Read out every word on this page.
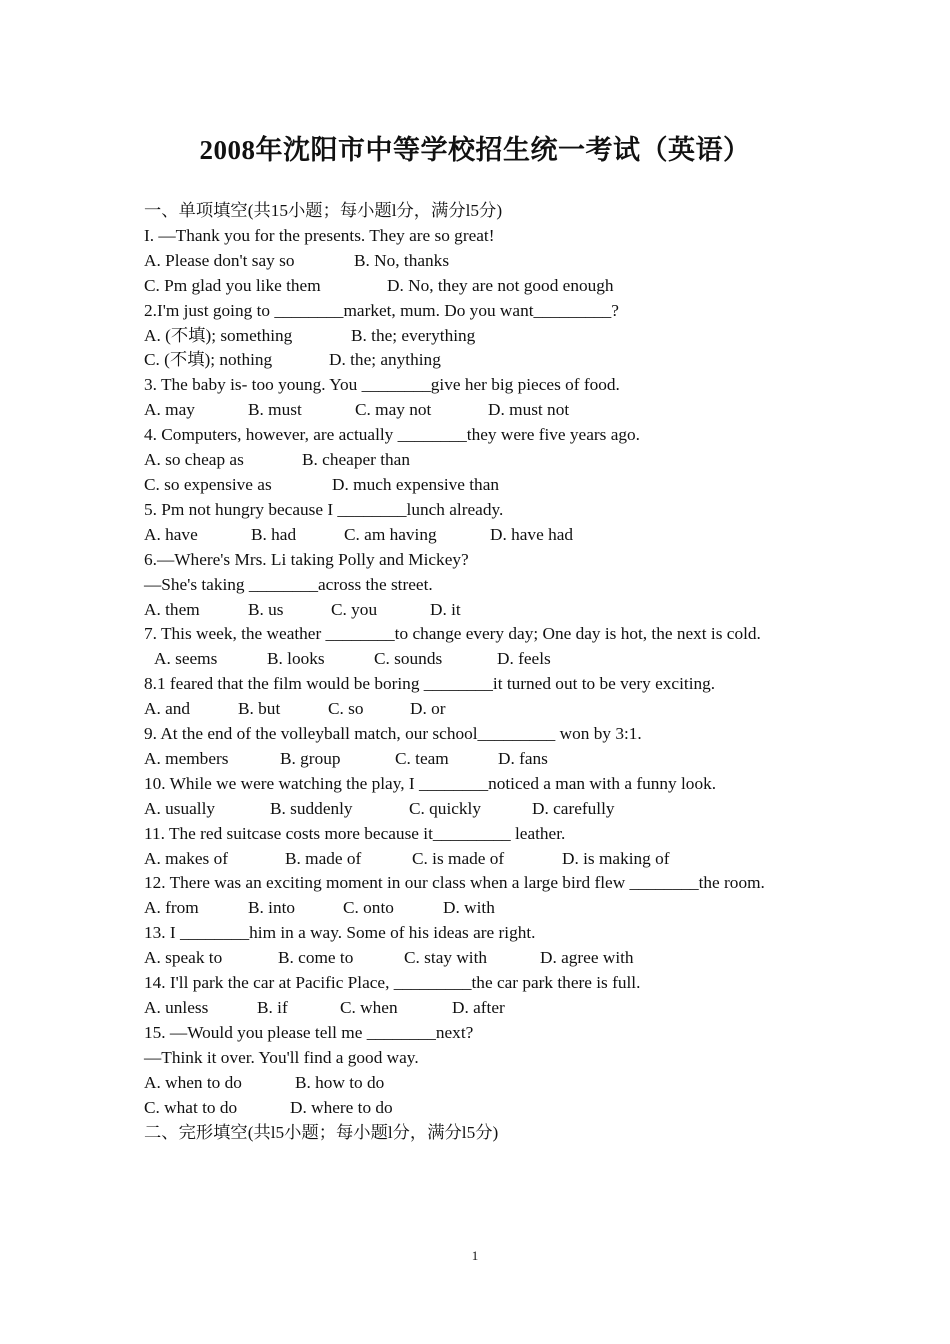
2008年沈阳市中等学校招生统一考试（英语）
一、单项填空(共15小题；每小题l分，满分l5分)
I. —Thank you for the presents. They are so great!
A. Please don't say so	B. No, thanks
C. Pm glad you like them	D. No, they are not good enough
2.I'm just going to ________market, mum. Do you want_________?
A. (不填); something	B. the; everything
C. (不填); nothing	D. the; anything
3. The baby is- too young. You ________give her big pieces of food.
A. may	B. must	C. may not	D. must not
4. Computers, however, are actually ________they were five years ago.
A. so cheap as	B. cheaper than
C. so expensive as	D. much expensive than
5. Pm not hungry because I ________lunch already.
A. have	B. had	C. am having	D. have had
6.—Where's Mrs. Li taking Polly and Mickey?
—She's taking ________across the street.
A. them	B. us	C. you	D. it
7. This week, the weather ________to change every day; One day is hot, the next is cold.
A. seems	B. looks	C. sounds	D. feels
8.1 feared that the film would be boring ________it turned out to be very exciting.
A. and	B. but	C. so	D. or
9. At the end of the volleyball match, our school_________ won by 3:1.
A. members	B. group	C. team	D. fans
10. While we were watching the play, I ________noticed a man with a funny look.
A. usually	B. suddenly	C. quickly	D. carefully
11. The red suitcase costs more because it_________ leather.
A. makes of	B. made of	C. is made of	D. is making of
12. There was an exciting moment in our class when a large bird flew ________the room.
A. from	B. into	C. onto	D. with
13. I ________him in a way. Some of his ideas are right.
A. speak to	B. come to	C. stay with	D. agree with
14. I'll park the car at Pacific Place, _________the car park there is full.
A. unless	B. if	C. when	D. after
15. —Would you please tell me ________next?
—Think it over. You'll find a good way.
A. when to do	B. how to do
C. what to do	D. where to do
二、完形填空(共l5小题；每小题l分，满分l5分)
1
